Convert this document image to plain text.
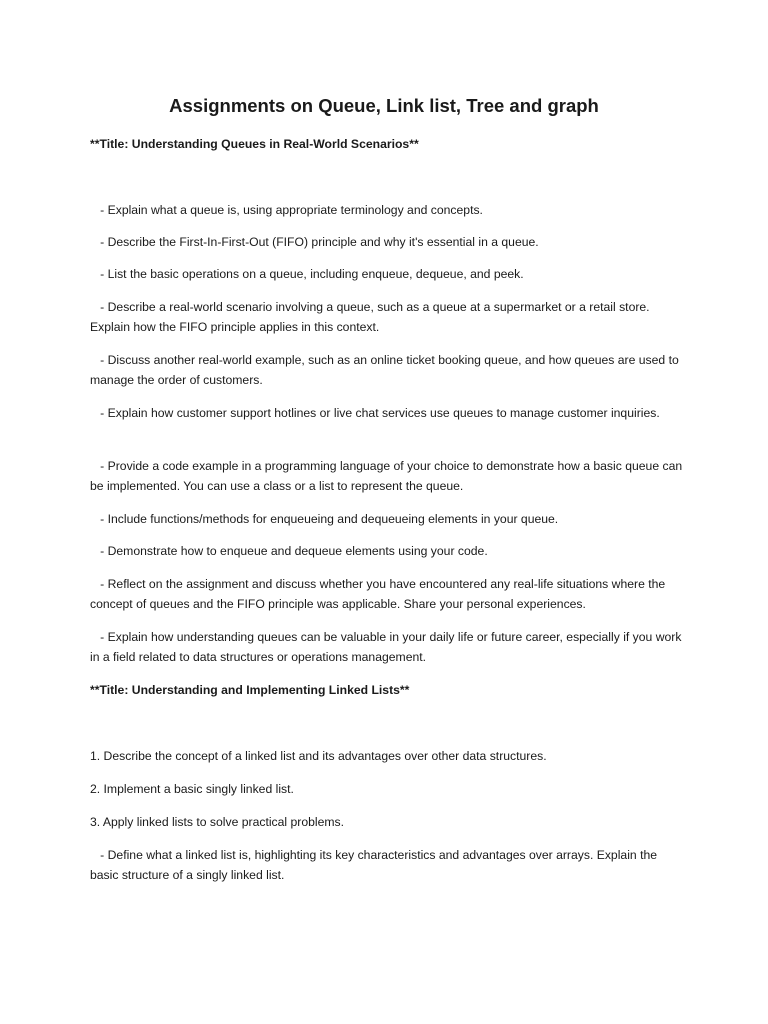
Assignments on Queue, Link list, Tree and graph

**Title: Understanding Queues in Real-World Scenarios**

- Explain what a queue is, using appropriate terminology and concepts.

- Describe the First-In-First-Out (FIFO) principle and why it's essential in a queue.

- List the basic operations on a queue, including enqueue, dequeue, and peek.

- Describe a real-world scenario involving a queue, such as a queue at a supermarket or a retail store. Explain how the FIFO principle applies in this context.

- Discuss another real-world example, such as an online ticket booking queue, and how queues are used to manage the order of customers.

- Explain how customer support hotlines or live chat services use queues to manage customer inquiries.

- Provide a code example in a programming language of your choice to demonstrate how a basic queue can be implemented. You can use a class or a list to represent the queue.

- Include functions/methods for enqueueing and dequeueing elements in your queue.

- Demonstrate how to enqueue and dequeue elements using your code.

- Reflect on the assignment and discuss whether you have encountered any real-life situations where the concept of queues and the FIFO principle was applicable. Share your personal experiences.

- Explain how understanding queues can be valuable in your daily life or future career, especially if you work in a field related to data structures or operations management.

**Title: Understanding and Implementing Linked Lists**

1. Describe the concept of a linked list and its advantages over other data structures.

2. Implement a basic singly linked list.

3. Apply linked lists to solve practical problems.

- Define what a linked list is, highlighting its key characteristics and advantages over arrays. Explain the basic structure of a singly linked list.
